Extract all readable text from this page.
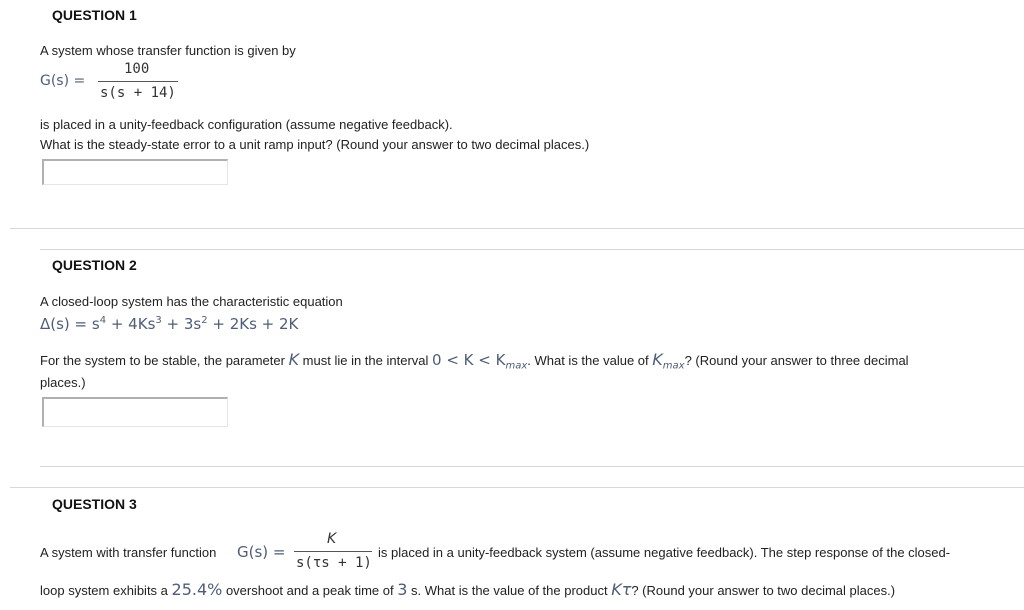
QUESTION 1
A system whose transfer function is given by
G(s) =
100
s(s + 14)
is placed in a unity-feedback configuration (assume negative feedback).
What is the steady-state error to a unit ramp input? (Round your answer to two decimal places.)
QUESTION 2
A closed-loop system has the characteristic equation
$\Delta(s) = s^4 + 4Ks^3 + 3s^2 + 2Ks + 2K$
For the system to be stable, the parameter K must lie in the interval $0 < K < K_{max}$. What is the value of $K_{max}$? (Round your answer to three decimal
places.)
QUESTION 3
A system with transfer function G(s) =
K
s(τs + 1)
is placed in a unity-feedback system (assume negative feedback). The step response of the closed-
loop system exhibits a 25.4% overshoot and a peak time of 3 s. What is the value of the product Kτ? (Round your answer to two decimal places.)
